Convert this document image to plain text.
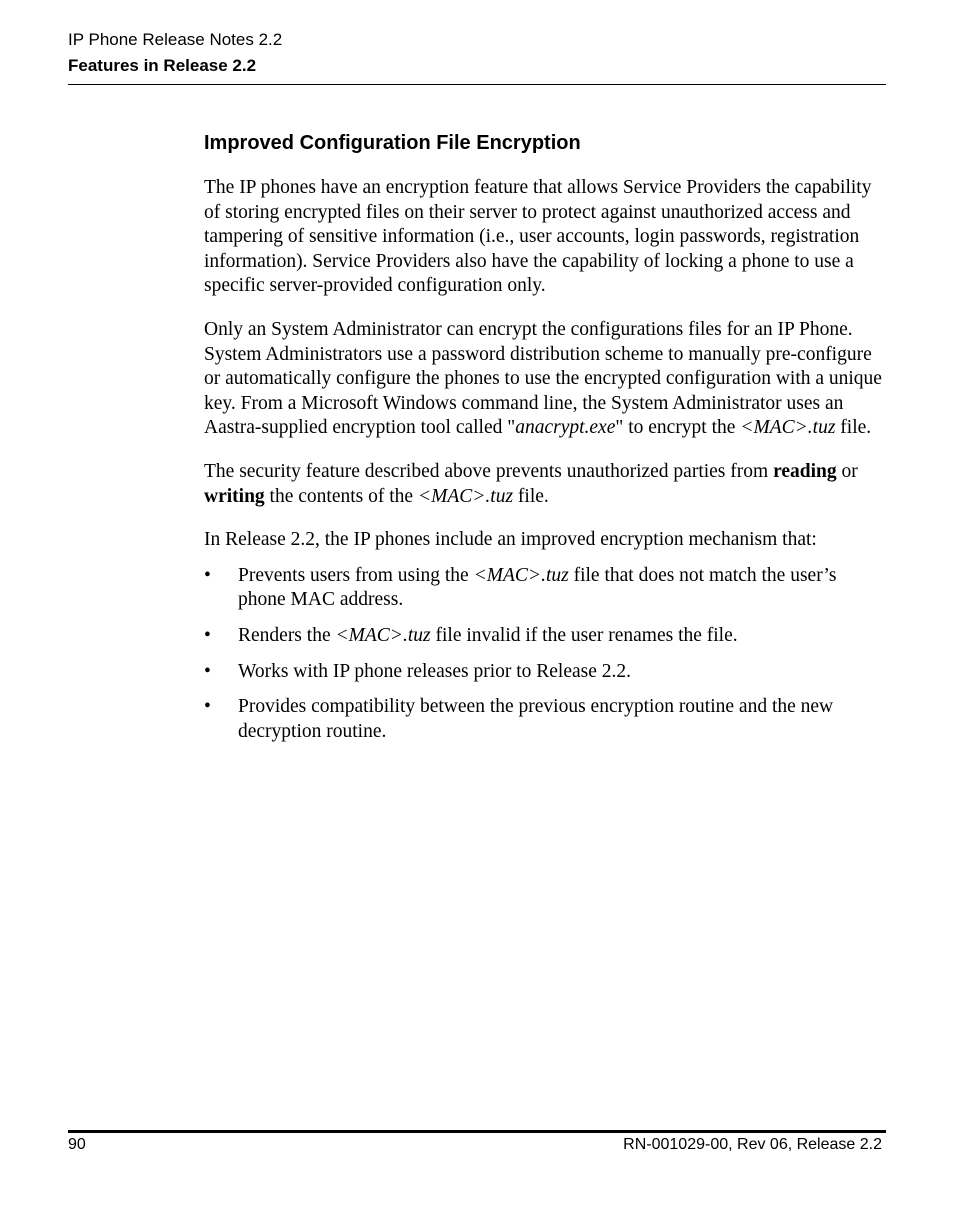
IP Phone Release Notes 2.2
Features in Release 2.2
Improved Configuration File Encryption

The IP phones have an encryption feature that allows Service Providers the capability of storing encrypted files on their server to protect against unauthorized access and tampering of sensitive information (i.e., user accounts, login passwords, registration information). Service Providers also have the capability of locking a phone to use a specific server-provided configuration only.

Only an System Administrator can encrypt the configurations files for an IP Phone. System Administrators use a password distribution scheme to manually pre-configure or automatically configure the phones to use the encrypted configuration with a unique key. From a Microsoft Windows command line, the System Administrator uses an Aastra-supplied encryption tool called "anacrypt.exe" to encrypt the <MAC>.tuz file.

The security feature described above prevents unauthorized parties from reading or writing the contents of the <MAC>.tuz file.

In Release 2.2, the IP phones include an improved encryption mechanism that:

• Prevents users from using the <MAC>.tuz file that does not match the user’s phone MAC address.
• Renders the <MAC>.tuz file invalid if the user renames the file.
• Works with IP phone releases prior to Release 2.2.
• Provides compatibility between the previous encryption routine and the new decryption routine.
90	RN-001029-00, Rev 06, Release 2.2
